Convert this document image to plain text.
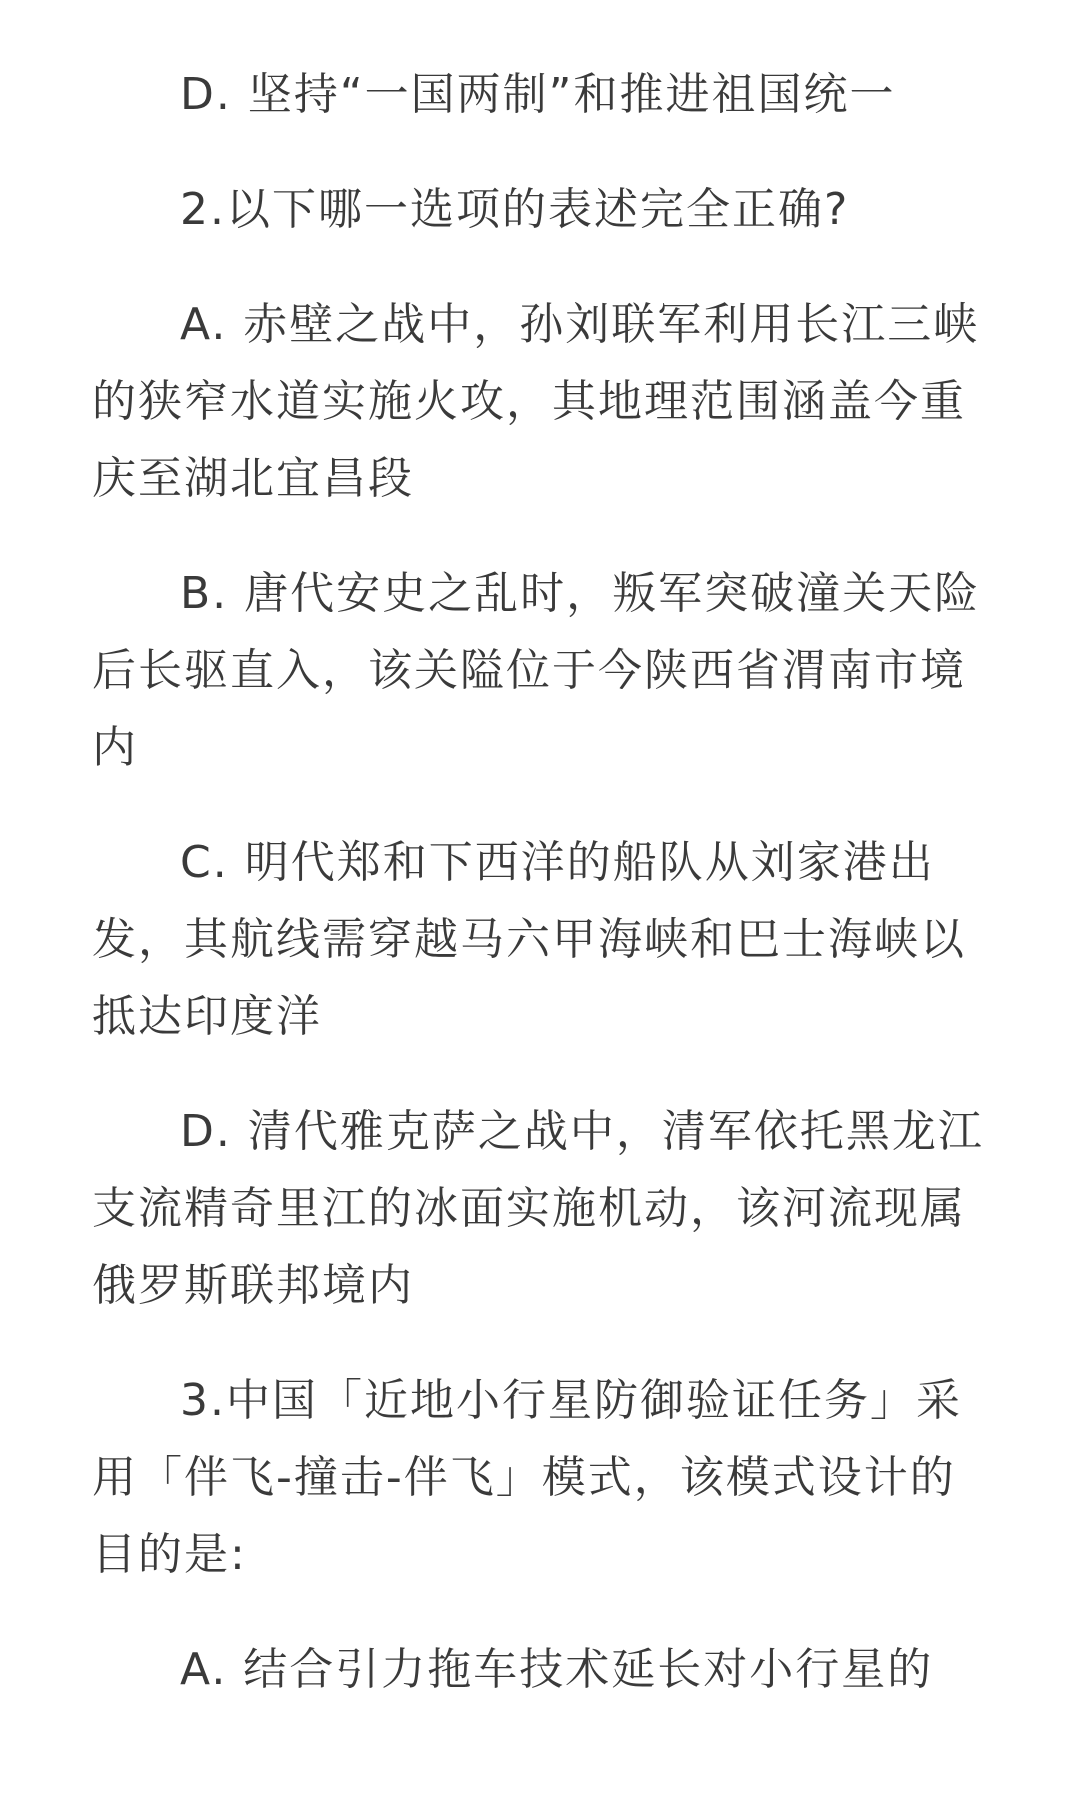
D. 坚持“一国两制”和推进祖国统一

2.以下哪一选项的表述完全正确?

A. 赤壁之战中，孙刘联军利用长江三峡的狭窄水道实施火攻，其地理范围涵盖今重庆至湖北宜昌段

B. 唐代安史之乱时，叛军突破潼关天险后长驱直入，该关隘位于今陕西省渭南市境内

C. 明代郑和下西洋的船队从刘家港出发，其航线需穿越马六甲海峡和巴士海峡以抵达印度洋

D. 清代雅克萨之战中，清军依托黑龙江支流精奇里江的冰面实施机动，该河流现属俄罗斯联邦境内

3.中国「近地小行星防御验证任务」采用「伴飞-撞击-伴飞」模式，该模式设计的目的是:

A. 结合引力拖车技术延长对小行星的
